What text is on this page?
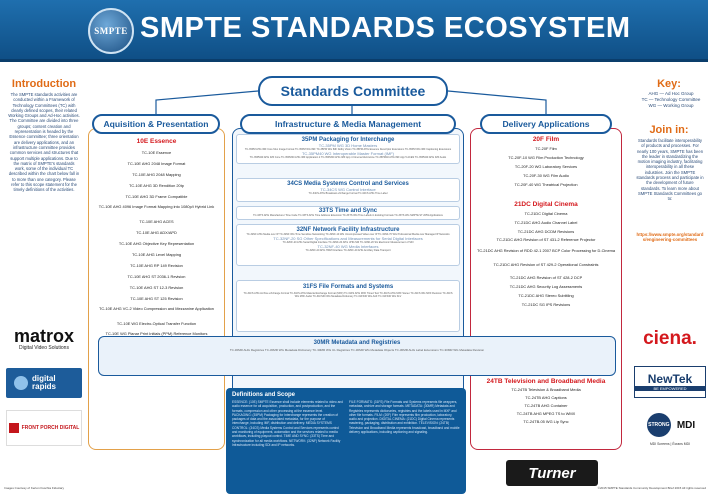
SMPTE SMPTE STANDARDS ECOSYSTEM
Introduction
The SMPTE standards activities are conducted within a Framework of Technology Committees (TC) with clearly defined scopes, their related Working Groups and Ad-Hoc activities. The Committee are divided into three groups; content creation and representation is headed by the Essence committee; three orientation are delivery applications, and an infrastructure committee provides common services and structures that support multiple applications. Due to the matrix of SMPTE's standards work, some of the individual TC described within the chart below fall in to more than one category. Please refer to this scope statement for the timely definitions of the activities.
matrox
Digital Video Solutions
digital rapids
FRONT PORCH DIGITAL
Images Courtesy of Kerton Fuschia Fiduciary
Key:
AHG — Ad Hoc Group
TC — Technology Committee
WG — Working Group
Join in:
Standards facilitate interoperability of products and processes. For nearly 100 years, SMPTE has been the leader in standardizing the motion imaging industry, facilitating interoperability in all these industries. Join the SMPTE standards process and participate in the development of future standards. To learn more about SMPTE Standards Committees go to:
https://www.smpte.org/standards/engineering-committees
ciena.
NewTek
BE EMPOWERED
STRONG MDI
MDI Screens | Écrans MDI
©2015 SMPTE Standards Community Development Brief 2015 All rights reserved
Standards Committee
Aquisition & Presentation	Infrastructure & Media Management	Delivery Applications
10E Essence
TC-10E Essence
TC-10E AHG 2048 Image Format
TC-10E AHG 2048 Mapping
TC-10E AHG 3D Rendition 20tp
TC-10E AHG 3D Frame Compatible
TC-10E AHG 4096 Image Format Mapping into 1080p/i Hybrid Link
TC-10E AHG ACES
TC-10E AHG ADX/APD
TC-10E AHG Objective Key Representation
TC-10E AHG Level Mapping
TC-10E AHG RP 149 Revision
TC-10E AHG ST 2036-1 Revision
TC-10E AHG ST 12-3 Revision
TC-10E AHG ST 125 Revision
TC-10E AHG VC-2 Video Compression and Mezzanine Application
TC-10E WG Electro-Optical Transfer Function
TC-10E WG Planar Print Initials (PPM) Reference Monitors
35PM Packaging for Interchange
TC-35PM WG 3D Home Masters
TC-35PM AHG IMF Core Mux Image Format TC-35PM WG IMF TC-35PM WG IMF Dolby Vision TC-35PM AHG Essence Descriptor Extensions TC-35PM WG IMF Captioning Extensions
TC-35PM40 WG Interoperable Master Format (IMF)
TC-35PM40 AHG IMF Core TC-35PM40 AHG IMF Application 2 TC-35PM40 AHG IMF App 4 Cinema Mezzanine TC-35PM40 AHG IMF App 5 ACES TC-35PM40 AHG IMF Audio
34CS Media Systems Control and Services
TC-34CS WG Control Interface
TC-34CS AHG Broadcast eXchange Format TC-34CS AHG Time Label
33TS Time and Sync
TC-33TS AHG Manufacturer Time Code TC-33TS AHG Time Address Extension TC-33TS WG Time Labels in Existing Formats TC-33TS WG SMPTE ST 2059 Applications
32NF Network Facility Infrastructure
TC-32NF AHG Media over IP TC-32NF WG Time Sensitive Networking TC-32NF-10 WG Uncompressed Video over IP TC-32NF-70 WG Professional Media over Managed IP Networks
TC-32NF-20 SG Other Specifications and Measurements for Serial Digital Interfaces
TC-32NF-20 AHG Serial Digital Interface TC-32NF-20 AHG UHD-SDI TC-32NF-20 SG Electronic Measurement of SDI
TC-32NF-40 WG Media Interfaces
TC-32NF-40 AHG HDMI Interface TC-32NF-40 AHG Ancillary Data Transport
31FS File Formats and Systems
TC-31FS AHG Archive eXchange Format TC-31FS AHG Material Exchange Format (MXF) TC-31FS AHG MXF Timed Text TC-31FS AHG MXF Stereo TC-31FS WG MXF Revision TC-31FS WG MXF Audio TC-31FS30 WG Metadata Dictionary TC-31FS30 WG AAF TC-31FS30 WG KLV
30MR Metadata and Registries
TC-30MR AHG Registries TC-30MR WG Metadata Dictionary TC-30MR WG UL Registries TC-30MR WG Metadata Objects TC-30MR AHG Label Extensions TC-30MR WG Metadata Revision
20F Film
TC-20F Film
TC-20F-10 WG Film Production Technology
TC-20F-20 WG Laboratory Services
TC-20F-30 WG Film Audio
TC-20F-40 WG Theatrical Projection
21DC Digital Cinema
TC-21DC Digital Cinema
TC-21DC AHG Audio Channel Label
TC-21DC AHG DCDM Revisions
TC-21DC AHG Revision of ST 431-2 Reference Projector
TC-21DC AHG Revision of RDD 42-1 2007 BCP Color Processing for D-Cinema
TC-21DC AHG Revision of ST 429-2 Operational Constraints
TC-21DC AHG Revision of ST 428-2 DCP
TC-21DC AHG Security Log Assessments
TC-21DC AHG Stereo Subtitling
TC-21DC SG IPS Revisions
24TB Television and Broadband Media
TC-24TB Television & Broadband Media
TC-24TB AHG Captions
TC-24TB AHG Container
TC-24TB AHG MPEG TS to WMX
TC-24TB-05 WG Lip Sync
Definitions and Scope
ESSENCE: (10E) SMPTE Essence shall include elements related to video and audio essence for all acquisition, production, and postproduction, and the formats, compression and other processing at the essence level. PACKAGING: (35PM) Packaging for Interchange represents the creation of packages of data and the associated metadata, for the purpose of interchange, including IMF, distribution and delivery. MEDIA SYSTEMS CONTROL: (34CS) Media Systems Control and Services represents control and monitoring of equipment, automation and the services related to media workflows, including playout control. TIME AND SYNC: (33TS) Time and synchronization for all media workflows. NETWORK: (32NF) Network Facility Infrastructure including SDI and IP networks.
FILE FORMATS: (31FS) File Formats and Systems represents file wrappers, metadata, archive and storage formats. METADATA: (30MR) Metadata and Registries represents dictionaries, registries and the labels used in MXF and other file formats. FILM: (20F) Film represents film production, laboratory, audio and projection. DIGITAL CINEMA: (21DC) Digital Cinema represents mastering, packaging, distribution and exhibition. TELEVISION: (24TB) Television and Broadband Media represents broadcast, broadband and mobile delivery applications, including captioning and signaling.
Turner
